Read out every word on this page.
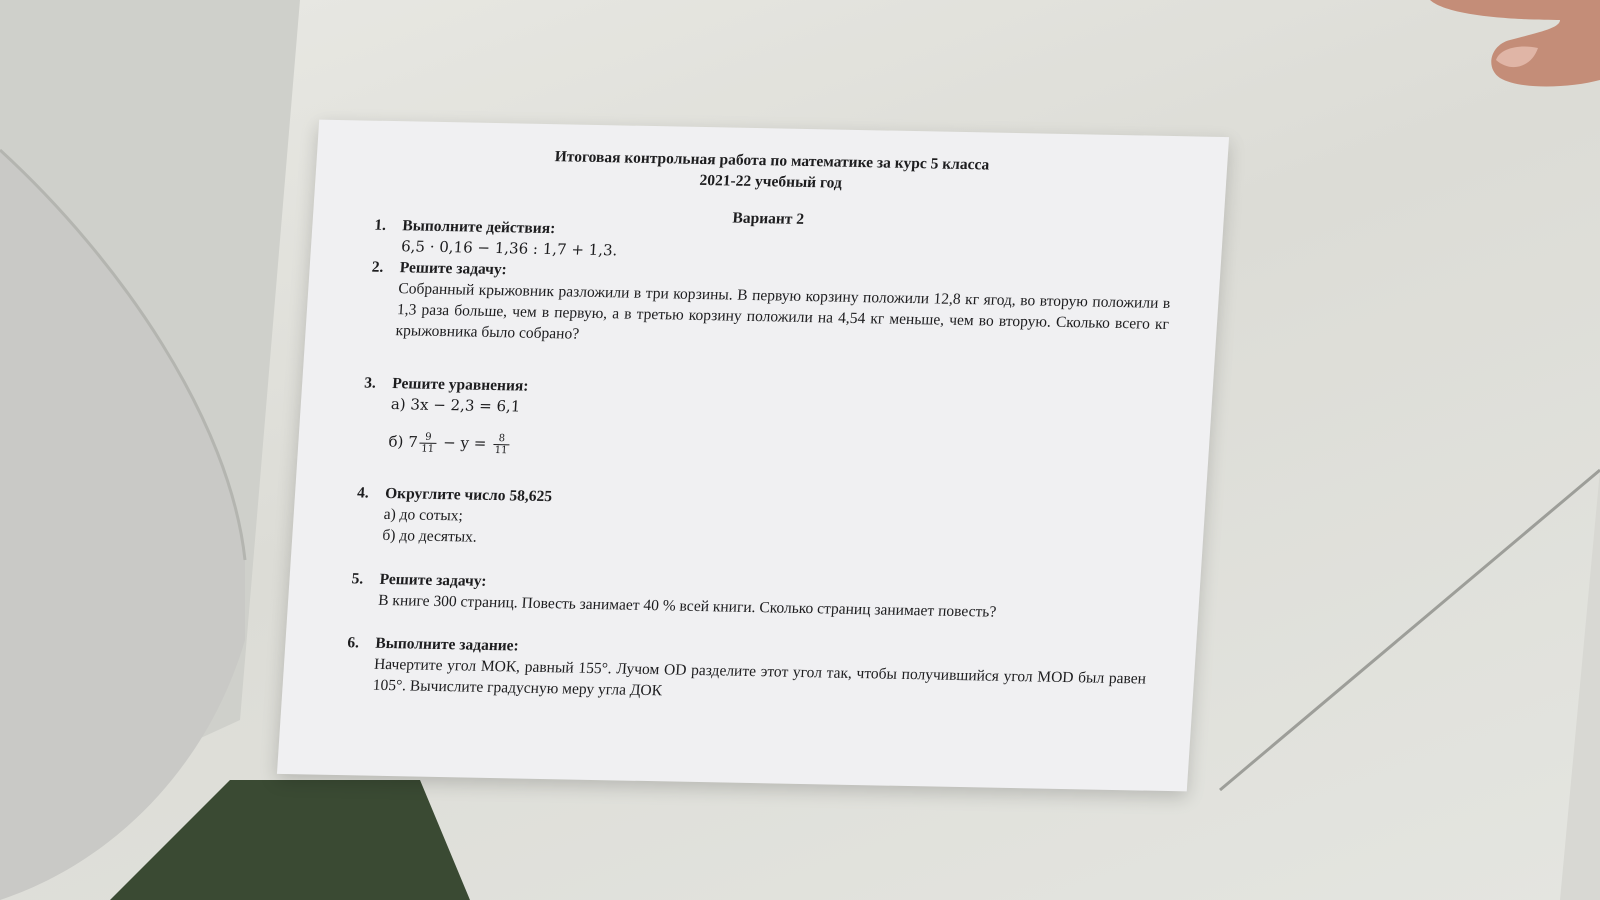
Итоговая контрольная работа по математике за курс 5 класса
2021-22 учебный год
Вариант 2
1. Выполните действия:
6,5 · 0,16 − 1,36 : 1,7 + 1,3.
2. Решите задачу:
Собранный крыжовник разложили в три корзины. В первую корзину положили 12,8 кг ягод, во вторую положили в 1,3 раза больше, чем в первую, а в третью корзину положили на 4,54 кг меньше, чем во вторую. Сколько всего кг крыжовника было собрано?
3. Решите уравнения:
а) 3x − 2,3 = 6,1
б) $7 \frac{9}{11} - y = \frac{8}{11}$
4. Округлите число 58,625
а) до сотых;
б) до десятых.
5. Решите задачу:
В книге 300 страниц. Повесть занимает 40 % всей книги. Сколько страниц занимает повесть?
6. Выполните задание:
Начертите угол МОК, равный 155°. Лучом OD разделите этот угол так, чтобы получившийся угол MOD был равен 105°. Вычислите градусную меру угла ДОК
